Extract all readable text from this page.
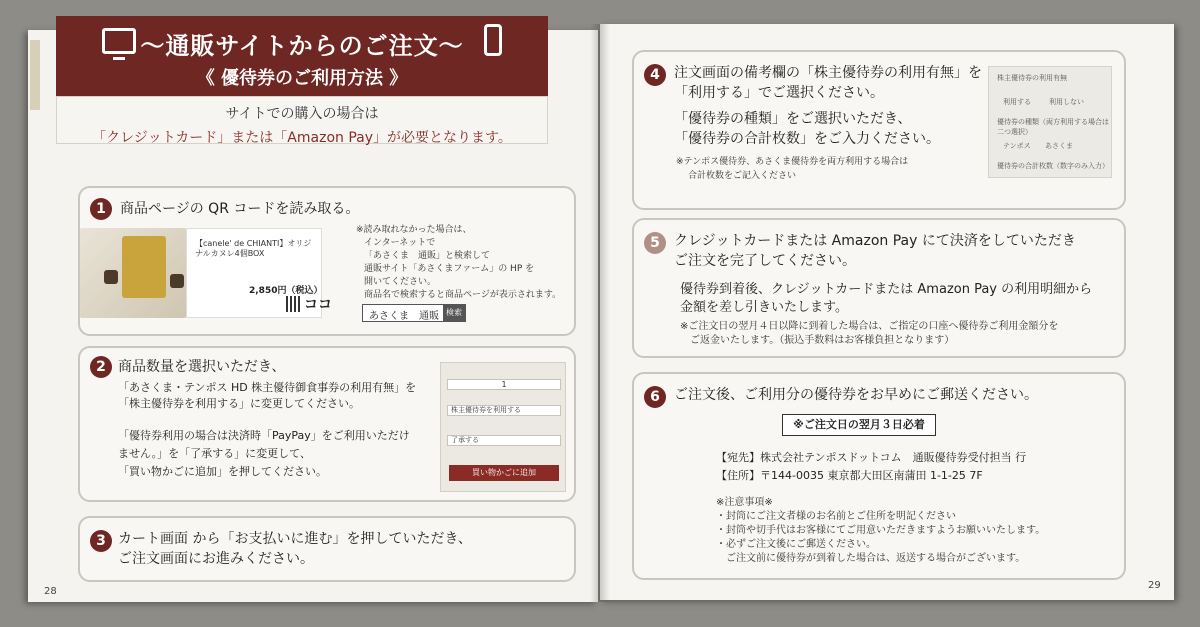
〜通販サイトからのご注文〜
《 優待券のご利用方法 》
サイトでの購入の場合は
「クレジットカード」または「Amazon Pay」が必要となります。
1	商品ページの QR コードを読み取る。
【canele' de CHIANTI】オリジナルカヌレ4個BOX
2,850円（税込）
ココ
※読み取れなかった場合は、
インターネットで
「あさくま　通販」と検索して
通販サイト「あさくまファーム」の HP を
開いてください。
商品名で検索すると商品ページが表示されます。
あさくま　通販 検索
2 商品数量を選択いただき、
「あさくま・テンポス HD 株主優待御食事券の利用有無」を
「株主優待券を利用する」に変更してください。
「優待券利用の場合は決済時「PayPay」をご利用いただけ
ません。」を「了承する」に変更して、
「買い物かごに追加」を押してください。
1
株主優待券を利用する
了承する
買い物かごに追加
3 カート画面 から「お支払いに進む」を押していただき、
ご注文画面にお進みください。
28
4	注文画面の備考欄の「株主優待券の利用有無」を
「利用する」でご選択ください。
「優待券の種類」をご選択いただき、
「優待券の合計枚数」をご入力ください。
※テンポス優待券、あさくま優待券を両方利用する場合は
合計枚数をご記入ください
株主優待券の利用有無
利用する	利用しない
優待券の種類（両方利用する場合は二つ選択）
テンポス あさくま
優待券の合計枚数（数字のみ入力）
5	クレジットカードまたは Amazon Pay にて決済をしていただき
ご注文を完了してください。
優待券到着後、クレジットカードまたは Amazon Pay の利用明細から
金額を差し引きいたします。
※ご注文日の翌月４日以降に到着した場合は、ご指定の口座へ優待券ご利用金額分を
ご返金いたします。（振込手数料はお客様負担となります）
6	ご注文後、ご利用分の優待券をお早めにご郵送ください。
※ご注文日の翌月３日必着
【宛先】株式会社テンポスドットコム　通販優待券受付担当 行
【住所】〒144-0035 東京都大田区南蒲田 1-1-25 7F
※注意事項※
・封筒にご注文者様のお名前とご住所を明記ください
・封筒や切手代はお客様にてご用意いただきますようお願いいたします。
・必ずご注文後にご郵送ください。
ご注文前に優待券が到着した場合は、返送する場合がございます。
29
